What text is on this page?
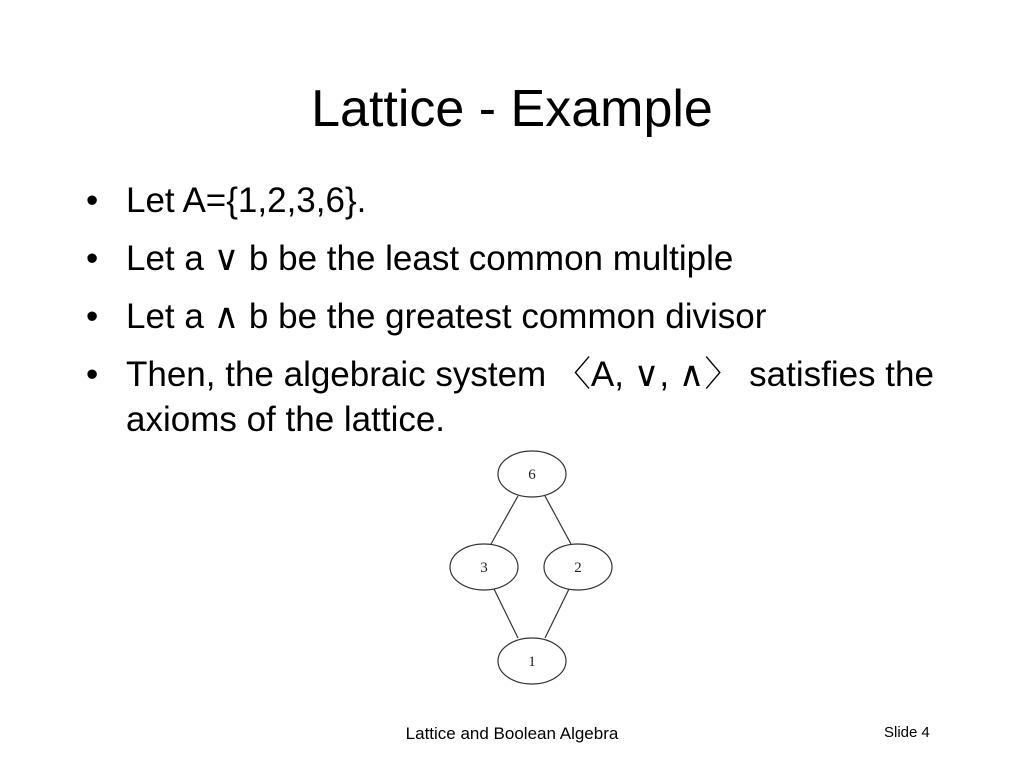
Lattice - Example
• Let A={1,2,3,6}.
• Let a ∨ b be the least common multiple
• Let a ∧ b be the greatest common divisor
• Then, the algebraic system 〈A, ∨, ∧〉 satisfies the axioms of the lattice.
6
3	2
1
Lattice and Boolean Algebra	Slide 4
